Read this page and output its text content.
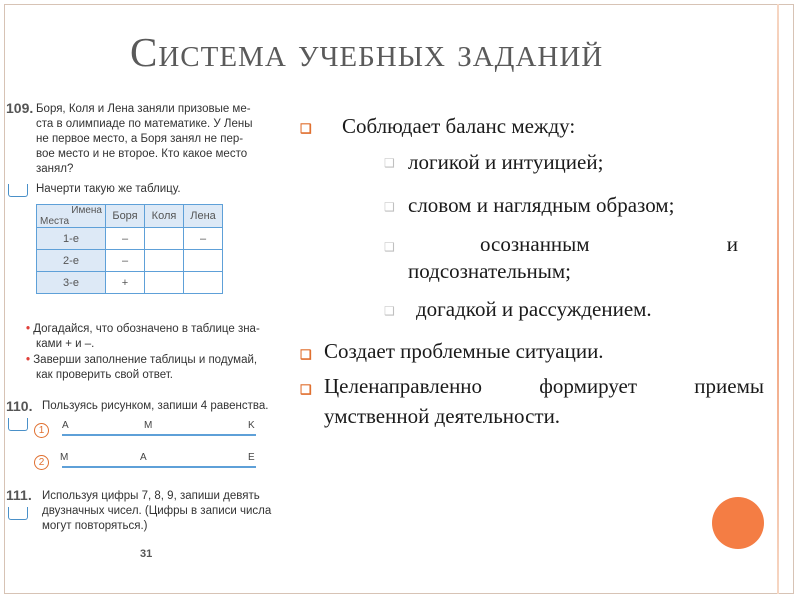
Система учебных заданий
109. Боря, Коля и Лена заняли призовые ме-
ста в олимпиаде по математике. У Лены
не первое место, а Боря занял не пер-
вое место и не второе. Кто какое место
занял?
Начерти такую же таблицу.
Имена
Места	Боря	Коля	Лена
1-е	–		–
2-е	–		
3-е	+		
• Догадайся, что обозначено в таблице зна-
ками + и –.
• Заверши заполнение таблицы и подумай,
как проверить свой ответ.
110. Пользуясь рисунком, запиши 4 равенства.
1	A	M	K
2	M	A	E
111. Используя цифры 7, 8, 9, запиши девять
двузначных чисел. (Цифры в записи числа
могут повторяться.)
31
❑ Соблюдает баланс между:
❑ логикой и интуицией;
❑ словом и наглядным образом;
❑	осознанным	и
подсознательным;
❑ догадкой и рассуждением.
❑ Создает проблемные ситуации.
❑ Целенаправленно	формирует	приемы
умственной деятельности.
